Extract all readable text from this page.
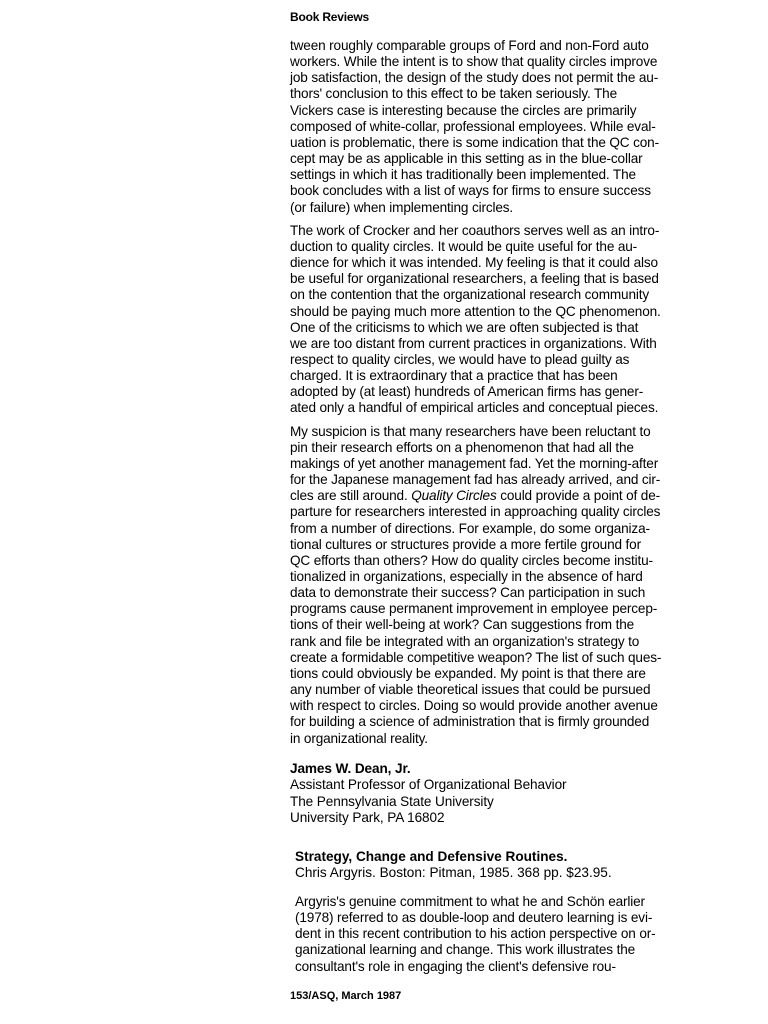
Book Reviews

tween roughly comparable groups of Ford and non-Ford auto
workers. While the intent is to show that quality circles improve
job satisfaction, the design of the study does not permit the au-
thors' conclusion to this effect to be taken seriously. The
Vickers case is interesting because the circles are primarily
composed of white-collar, professional employees. While eval-
uation is problematic, there is some indication that the QC con-
cept may be as applicable in this setting as in the blue-collar
settings in which it has traditionally been implemented. The
book concludes with a list of ways for firms to ensure success
(or failure) when implementing circles.

The work of Crocker and her coauthors serves well as an intro-
duction to quality circles. It would be quite useful for the au-
dience for which it was intended. My feeling is that it could also
be useful for organizational researchers, a feeling that is based
on the contention that the organizational research community
should be paying much more attention to the QC phenomenon.
One of the criticisms to which we are often subjected is that
we are too distant from current practices in organizations. With
respect to quality circles, we would have to plead guilty as
charged. It is extraordinary that a practice that has been
adopted by (at least) hundreds of American firms has gener-
ated only a handful of empirical articles and conceptual pieces.

My suspicion is that many researchers have been reluctant to
pin their research efforts on a phenomenon that had all the
makings of yet another management fad. Yet the morning-after
for the Japanese management fad has already arrived, and cir-
cles are still around. Quality Circles could provide a point of de-
parture for researchers interested in approaching quality circles
from a number of directions. For example, do some organiza-
tional cultures or structures provide a more fertile ground for
QC efforts than others? How do quality circles become institu-
tionalized in organizations, especially in the absence of hard
data to demonstrate their success? Can participation in such
programs cause permanent improvement in employee percep-
tions of their well-being at work? Can suggestions from the
rank and file be integrated with an organization's strategy to
create a formidable competitive weapon? The list of such ques-
tions could obviously be expanded. My point is that there are
any number of viable theoretical issues that could be pursued
with respect to circles. Doing so would provide another avenue
for building a science of administration that is firmly grounded
in organizational reality.

James W. Dean, Jr.
Assistant Professor of Organizational Behavior
The Pennsylvania State University
University Park, PA 16802
Strategy, Change and Defensive Routines.
Chris Argyris. Boston: Pitman, 1985. 368 pp. $23.95.

Argyris's genuine commitment to what he and Schön earlier
(1978) referred to as double-loop and deutero learning is evi-
dent in this recent contribution to his action perspective on or-
ganizational learning and change. This work illustrates the
consultant's role in engaging the client's defensive rou-

153/ASQ, March 1987
